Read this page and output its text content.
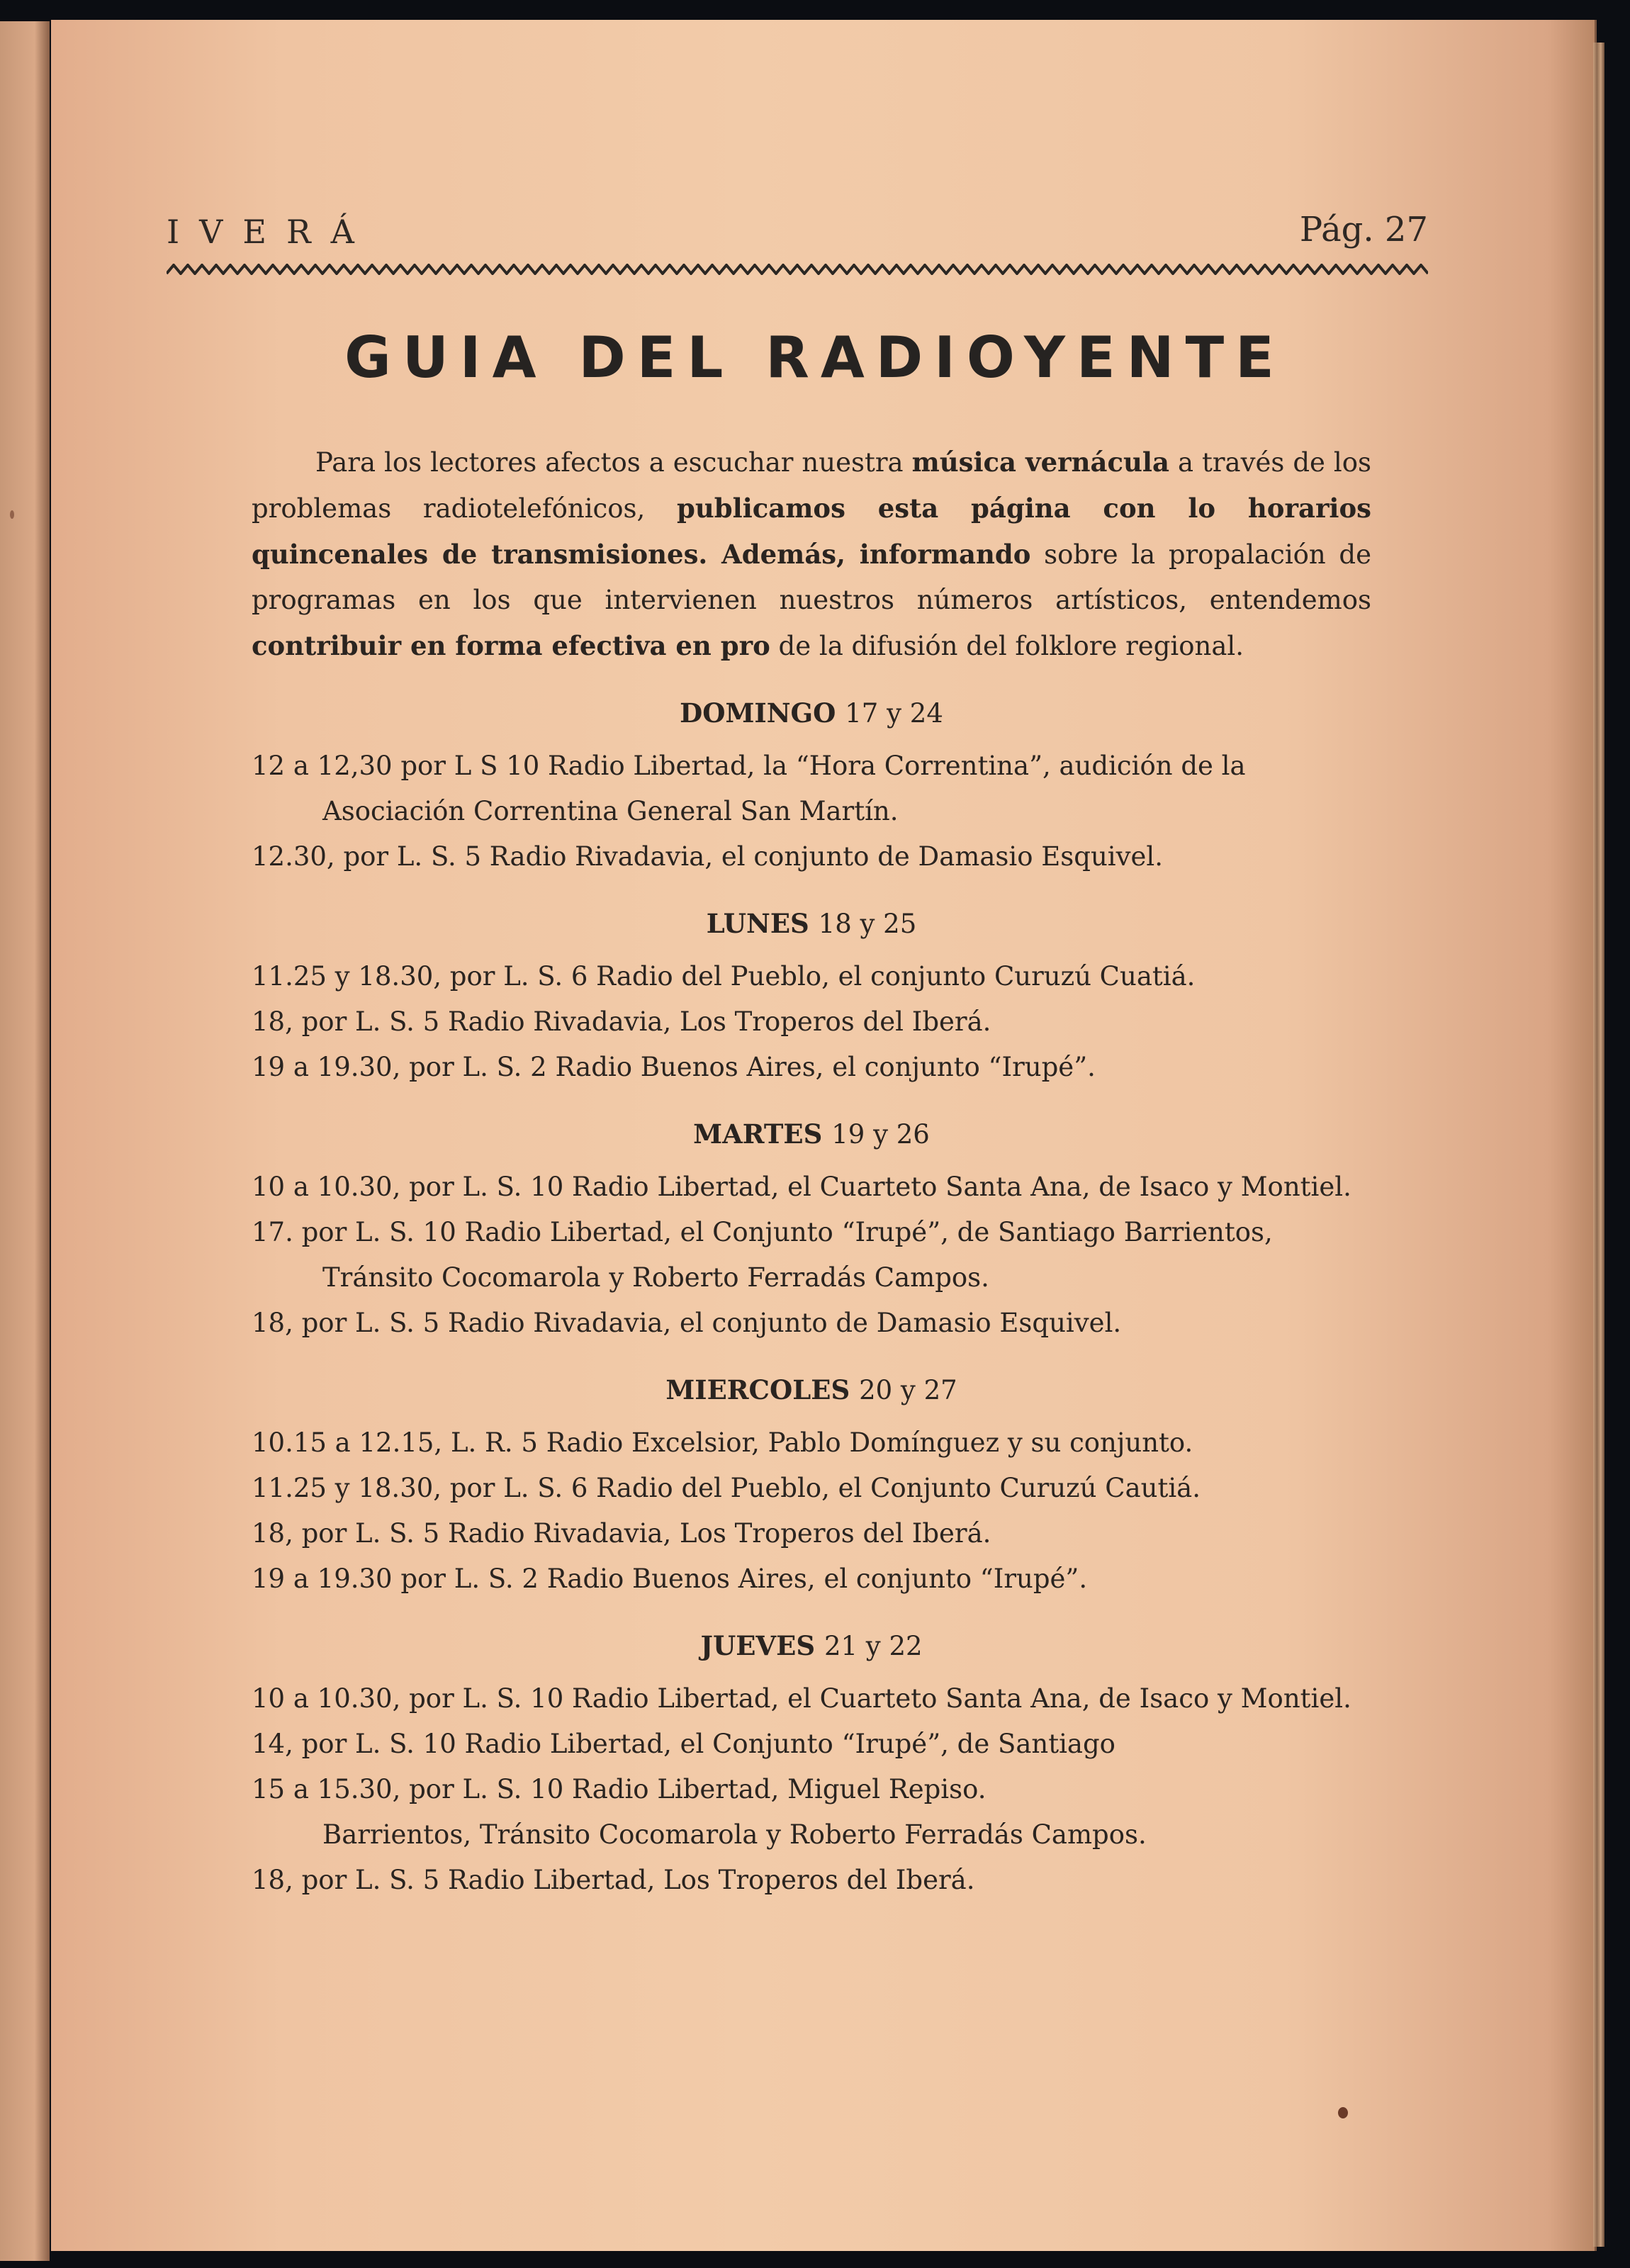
IVERÁ	Pág. 27
GUIA DEL RADIOYENTE

Para los lectores afectos a escuchar nuestra música vernácula a través de los problemas radiotelefónicos, publicamos esta página con lo horarios quincenales de transmisiones. Además, informando sobre la propalación de programas en los que intervienen nuestros números artísticos, entendemos contribuir en forma efectiva en pro de la difusión del folklore regional.

DOMINGO 17 y 24

12 a 12,30 por L S 10 Radio Libertad, la “Hora Correntina”, audición de la Asociación Correntina General San Martín.

12.30, por L. S. 5 Radio Rivadavia, el conjunto de Damasio Esquivel.

LUNES 18 y 25

11.25 y 18.30, por L. S. 6 Radio del Pueblo, el conjunto Curuzú Cuatiá.

18, por L. S. 5 Radio Rivadavia, Los Troperos del Iberá.

19 a 19.30, por L. S. 2 Radio Buenos Aires, el conjunto “Irupé”.

MARTES 19 y 26

10 a 10.30, por L. S. 10 Radio Libertad, el Cuarteto Santa Ana, de Isaco y Montiel.

17. por L. S. 10 Radio Libertad, el Conjunto “Irupé”, de Santiago Barrientos, Tránsito Cocomarola y Roberto Ferradás Campos.

18, por L. S. 5 Radio Rivadavia, el conjunto de Damasio Esquivel.

MIERCOLES 20 y 27

10.15 a 12.15, L. R. 5 Radio Excelsior, Pablo Domínguez y su conjunto.

11.25 y 18.30, por L. S. 6 Radio del Pueblo, el Conjunto Curuzú Cautiá.

18, por L. S. 5 Radio Rivadavia, Los Troperos del Iberá.

19 a 19.30 por L. S. 2 Radio Buenos Aires, el conjunto “Irupé”.

JUEVES 21 y 22

10 a 10.30, por L. S. 10 Radio Libertad, el Cuarteto Santa Ana, de Isaco y Montiel.

14, por L. S. 10 Radio Libertad, el Conjunto “Irupé”, de Santiago

15 a 15.30, por L. S. 10 Radio Libertad, Miguel Repiso.

Barrientos, Tránsito Cocomarola y Roberto Ferradás Campos.

18, por L. S. 5 Radio Libertad, Los Troperos del Iberá.
